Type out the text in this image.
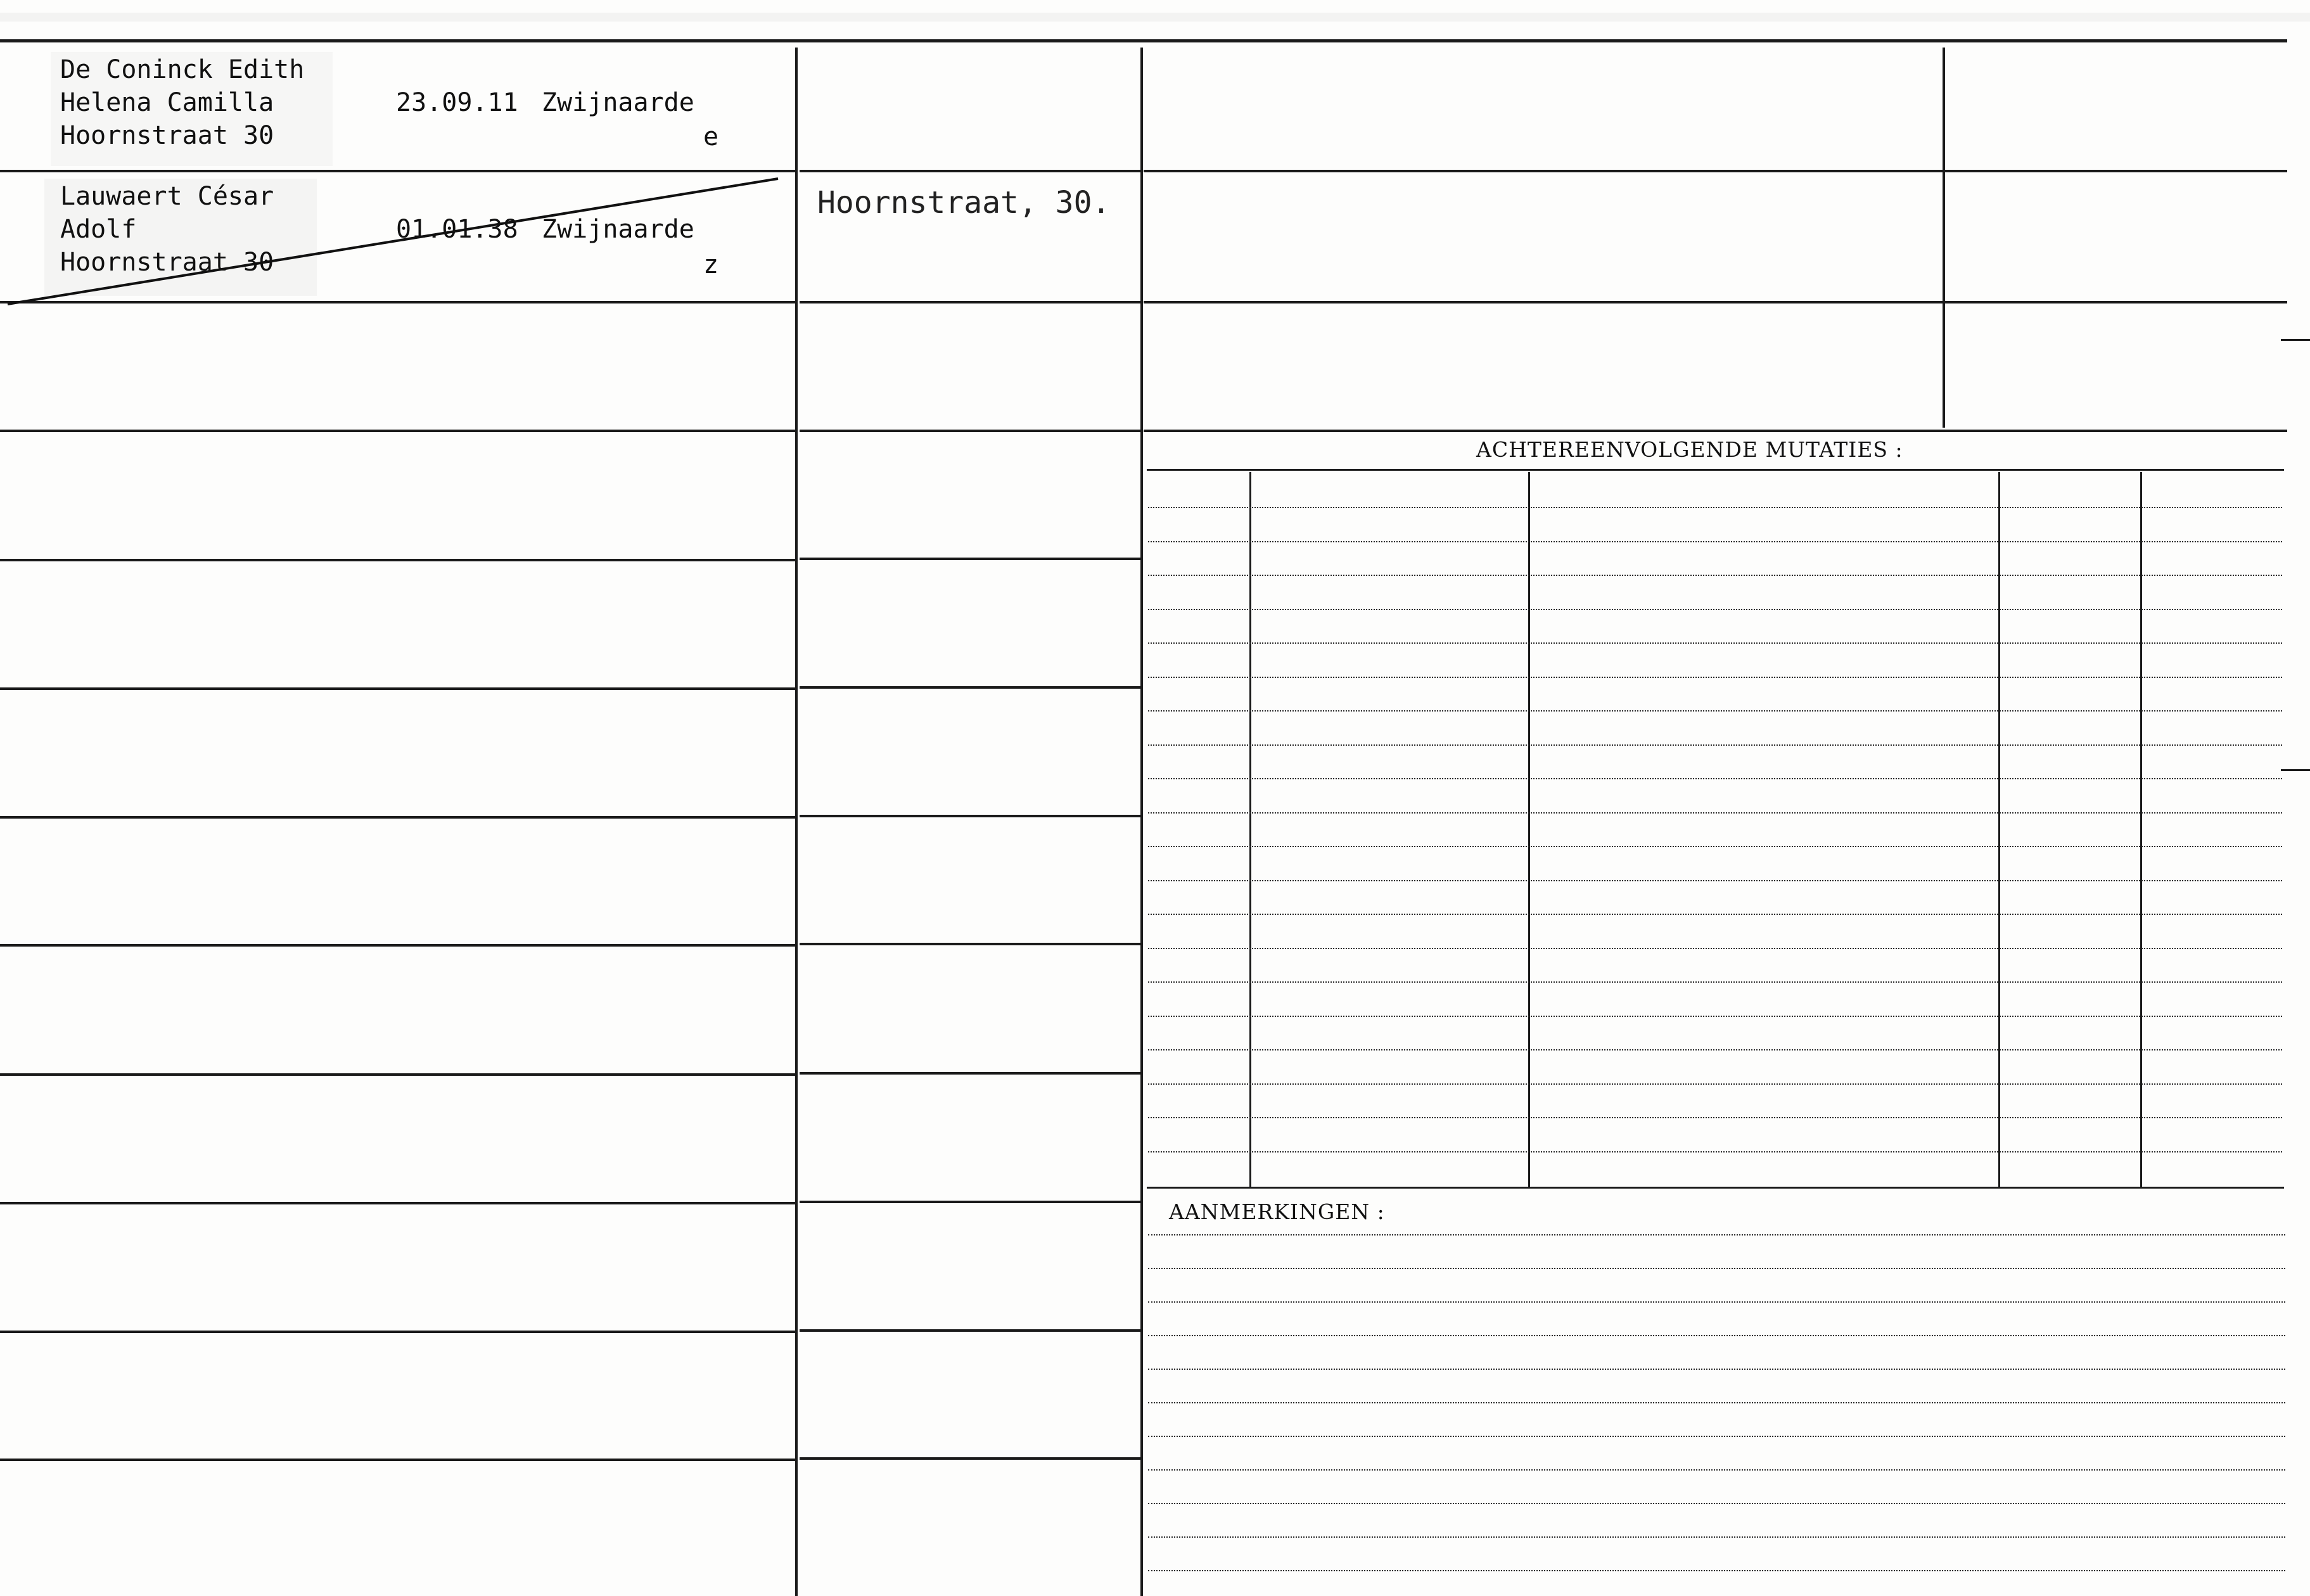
ACHTEREENVOLGENDE MUTATIES :
AANMERKINGEN :
De Coninck Edith
Helena Camilla
Hoornstraat 30
23.09.11 Zwijnaarde
e
Lauwaert César
Adolf
Hoornstraat 30
01.01.38 Zwijnaarde
z
Hoornstraat, 30.
